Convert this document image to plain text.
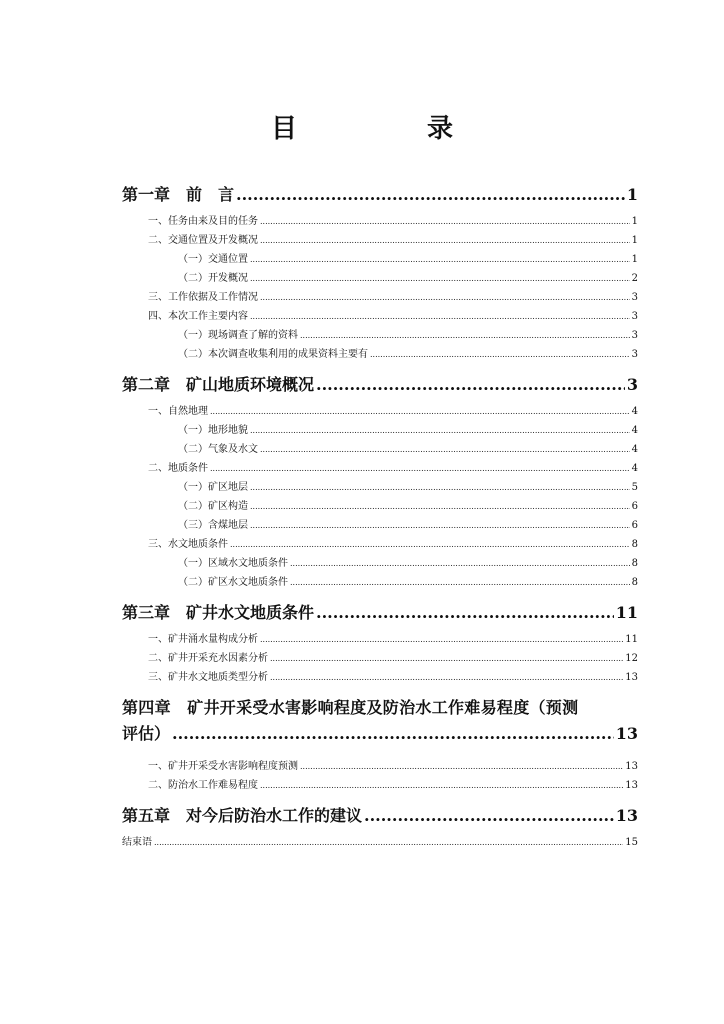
目　　录
第一章　前　言 .....	1
一、任务由来及目的任务 .....	1
二、交通位置及开发概况 .....	1
（一）交通位置 .....	1
（二）开发概况 .....	2
三、工作依据及工作情况 .....	3
四、本次工作主要内容 .....	3
（一）现场调查了解的资料 .....	3
（二）本次调查收集利用的成果资料主要有 .....	3
第二章　矿山地质环境概况 .....	3
一、自然地理 .....	4
（一）地形地貌 .....	4
（二）气象及水文 .....	4
二、地质条件 .....	4
（一）矿区地层 .....	5
（二）矿区构造 .....	6
（三）含煤地层 .....	6
三、水文地质条件 .....	8
（一）区域水文地质条件 .....	8
（二）矿区水文地质条件 .....	8
第三章　矿井水文地质条件 .....	11
一、矿井涌水量构成分析 .....	11
二、矿井开采充水因素分析 .....	12
三、矿井水文地质类型分析 .....	13
第四章　矿井开采受水害影响程度及防治水工作难易程度（预测
评估） .....	13
一、矿井开采受水害影响程度预测 .....	13
二、防治水工作难易程度 .....	13
第五章　对今后防治水工作的建议 .....	13
结束语 .....	15
